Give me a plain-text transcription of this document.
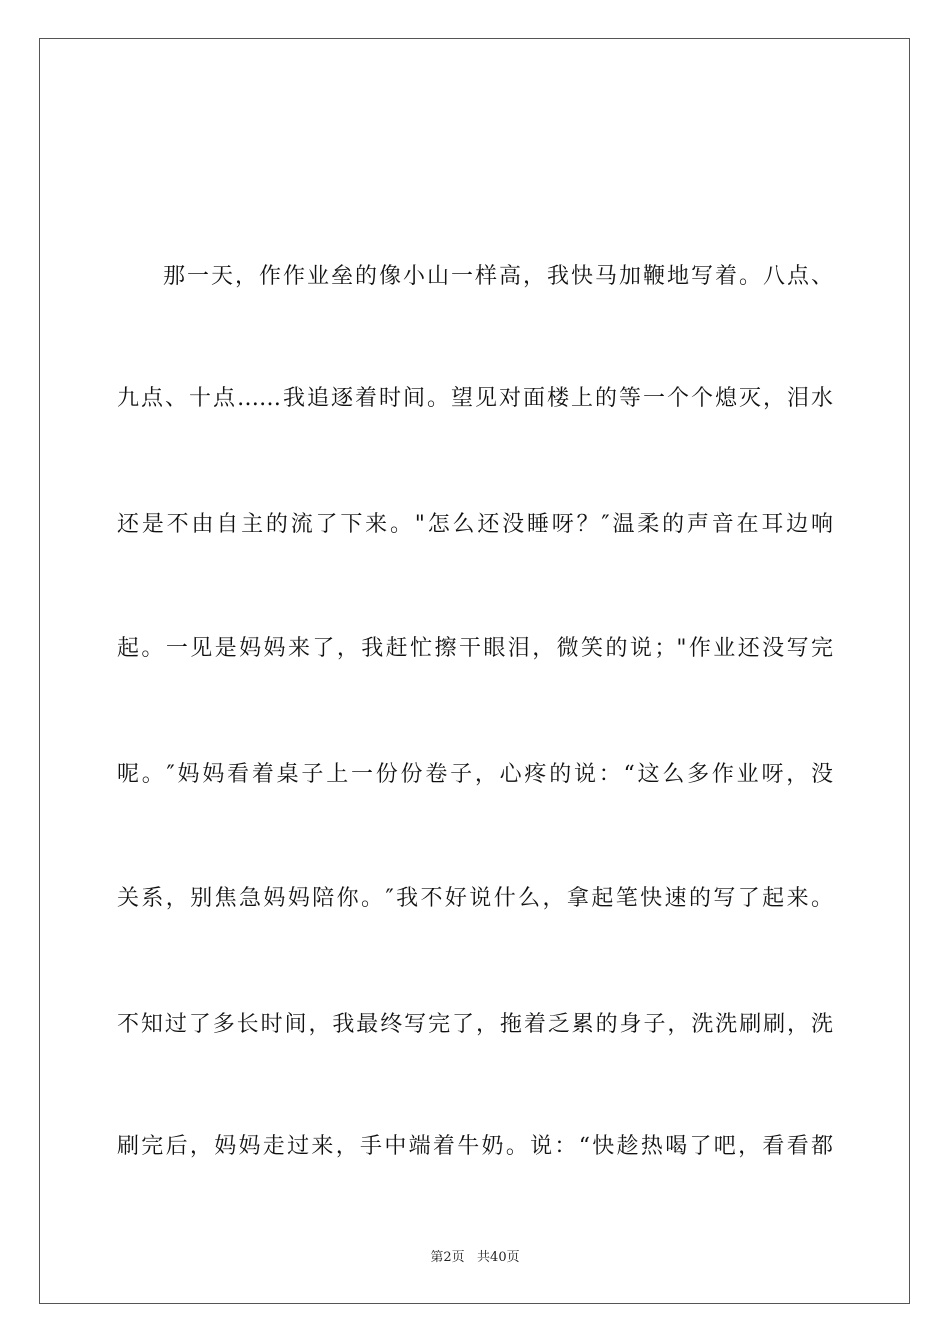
那一天，作作业垒的像小山一样高，我快马加鞭地写着。八点、
九点、十点……我追逐着时间。望见对面楼上的等一个个熄灭，泪水
还是不由自主的流了下来。"怎么还没睡呀？″温柔的声音在耳边响
起。一见是妈妈来了，我赶忙擦干眼泪，微笑的说；"作业还没写完
呢。″妈妈看着桌子上一份份卷子，心疼的说：“这么多作业呀，没
关系，别焦急妈妈陪你。″我不好说什么，拿起笔快速的写了起来。
不知过了多长时间，我最终写完了，拖着乏累的身子，洗洗刷刷，洗
刷完后，妈妈走过来，手中端着牛奶。说：“快趁热喝了吧，看看都
第2页   共40页
